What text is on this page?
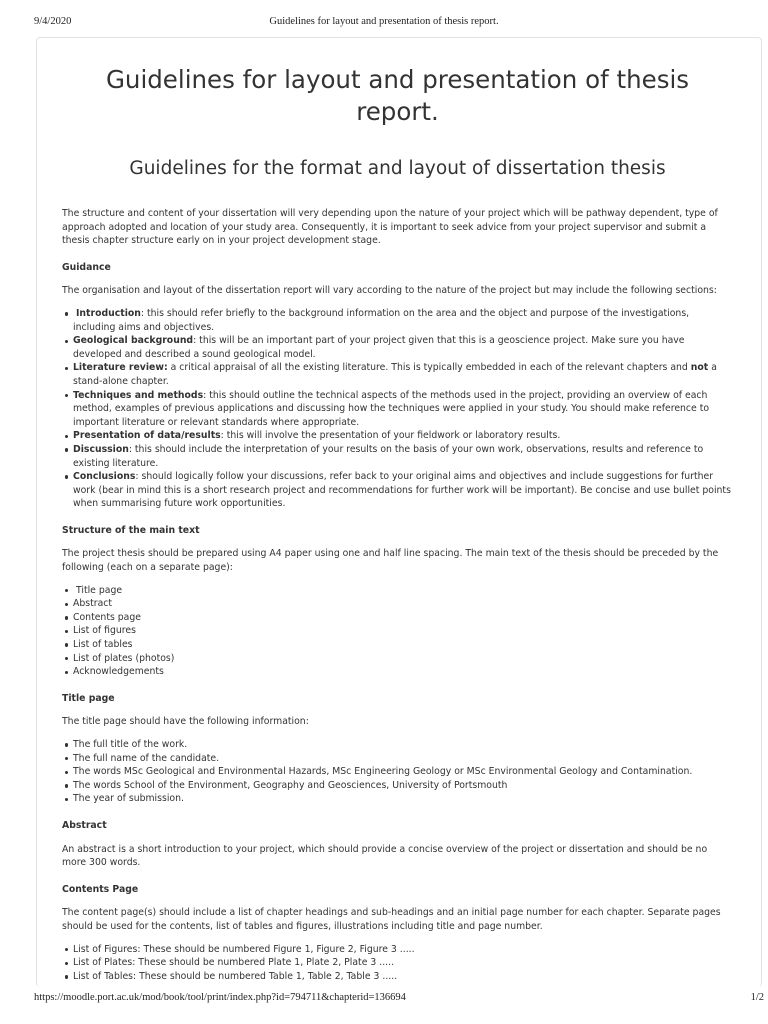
9/4/2020	Guidelines for layout and presentation of thesis report.
Guidelines for layout and presentation of thesis report.
Guidelines for the format and layout of dissertation thesis

The structure and content of your dissertation will very depending upon the nature of your project which will be pathway dependent, type of approach adopted and location of your study area. Consequently, it is important to seek advice from your project supervisor and submit a thesis chapter structure early on in your project development stage.

Guidance

The organisation and layout of the dissertation report will vary according to the nature of the project but may include the following sections:

Introduction: this should refer briefly to the background information on the area and the object and purpose of the investigations, including aims and objectives.
Geological background: this will be an important part of your project given that this is a geoscience project. Make sure you have developed and described a sound geological model.
Literature review: a critical appraisal of all the existing literature. This is typically embedded in each of the relevant chapters and not a stand-alone chapter.
Techniques and methods: this should outline the technical aspects of the methods used in the project, providing an overview of each method, examples of previous applications and discussing how the techniques were applied in your study. You should make reference to important literature or relevant standards where appropriate.
Presentation of data/results: this will involve the presentation of your fieldwork or laboratory results.
Discussion: this should include the interpretation of your results on the basis of your own work, observations, results and reference to existing literature.
Conclusions: should logically follow your discussions, refer back to your original aims and objectives and include suggestions for further work (bear in mind this is a short research project and recommendations for further work will be important). Be concise and use bullet points when summarising future work opportunities.
Structure of the main text

The project thesis should be prepared using A4 paper using one and half line spacing. The main text of the thesis should be preceded by the following (each on a separate page):

Title page
Abstract
Contents page
List of figures
List of tables
List of plates (photos)
Acknowledgements
Title page

The title page should have the following information:

The full title of the work.
The full name of the candidate.
The words MSc Geological and Environmental Hazards, MSc Engineering Geology or MSc Environmental Geology and Contamination.
The words School of the Environment, Geography and Geosciences, University of Portsmouth
The year of submission.
Abstract

An abstract is a short introduction to your project, which should provide a concise overview of the project or dissertation and should be no more 300 words.

Contents Page

The content page(s) should include a list of chapter headings and sub-headings and an initial page number for each chapter. Separate pages should be used for the contents, list of tables and figures, illustrations including title and page number.

List of Figures: These should be numbered Figure 1, Figure 2, Figure 3 .....
List of Plates: These should be numbered Plate 1, Plate 2, Plate 3 .....
List of Tables: These should be numbered Table 1, Table 2, Table 3 .....

https://moodle.port.ac.uk/mod/book/tool/print/index.php?id=794711&chapterid=136694	1/2
